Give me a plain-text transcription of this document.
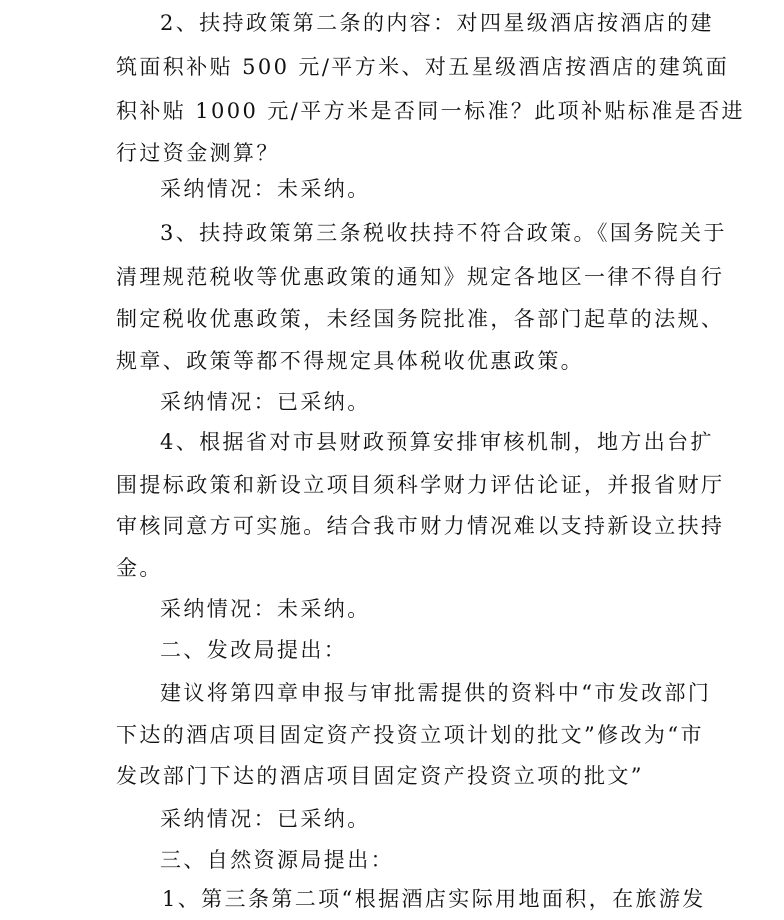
2、扶持政策第二条的内容：对四星级酒店按酒店的建

筑面积补贴 500 元/平方米、对五星级酒店按酒店的建筑面

积补贴 1000 元/平方米是否同一标准？此项补贴标准是否进

行过资金测算？

采纳情况：未采纳。

3、扶持政策第三条税收扶持不符合政策。《国务院关于

清理规范税收等优惠政策的通知》规定各地区一律不得自行

制定税收优惠政策，未经国务院批准，各部门起草的法规、

规章、政策等都不得规定具体税收优惠政策。

采纳情况：已采纳。

4、根据省对市县财政预算安排审核机制，地方出台扩

围提标政策和新设立项目须科学财力评估论证，并报省财厅

审核同意方可实施。结合我市财力情况难以支持新设立扶持

金。

采纳情况：未采纳。

二、发改局提出：

建议将第四章申报与审批需提供的资料中“市发改部门

下达的酒店项目固定资产投资立项计划的批文”修改为“市

发改部门下达的酒店项目固定资产投资立项的批文”

采纳情况：已采纳。

三、自然资源局提出：

1、第三条第二项“根据酒店实际用地面积，在旅游发
